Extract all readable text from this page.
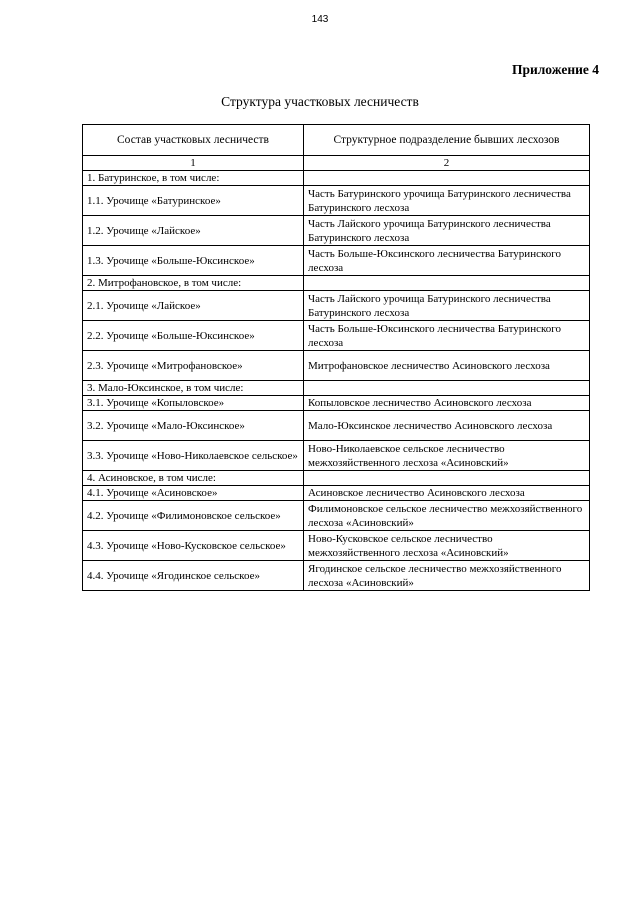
143
Приложение 4
Структура участковых лесничеств
Состав участковых лесничеств	Структурное подразделение бывших лесхозов
1	2
1. Батуринское, в том числе:	
1.1. Урочище «Батуринское»	Часть Батуринского урочища Батуринского лесничества Батуринского лесхоза
1.2. Урочище «Лайское»	Часть Лайского урочища Батуринского лесничества Батуринского лесхоза
1.3. Урочище «Больше-Юксинское»	Часть Больше-Юксинского лесничества Батуринского лесхоза
2. Митрофановское, в том числе:	
2.1. Урочище «Лайское»	Часть Лайского урочища Батуринского лесничества Батуринского лесхоза
2.2. Урочище «Больше-Юксинское»	Часть Больше-Юксинского лесничества Батуринского лесхоза
2.3. Урочище «Митрофановское»	Митрофановское лесничество Асиновского лесхоза
3. Мало-Юксинское, в том числе:	
3.1. Урочище «Копыловское»	Копыловское лесничество Асиновского лесхоза
3.2. Урочище «Мало-Юксинское»	Мало-Юксинское лесничество Асиновского лесхоза
3.3. Урочище «Ново-Николаевское сельское»	Ново-Николаевское сельское лесничество межхозяйственного лесхоза «Асиновский»
4. Асиновское, в том числе:	
4.1. Урочище «Асиновское»	Асиновское лесничество Асиновского лесхоза
4.2. Урочище «Филимоновское сельское»	Филимоновское сельское лесничество межхозяйственного лесхоза «Асиновский»
4.3. Урочище «Ново-Кусковское сельское»	Ново-Кусковское сельское лесничество межхозяйственного лесхоза «Асиновский»
4.4. Урочище «Ягодинское сельское»	Ягодинское сельское лесничество межхозяйственного лесхоза «Асиновский»
